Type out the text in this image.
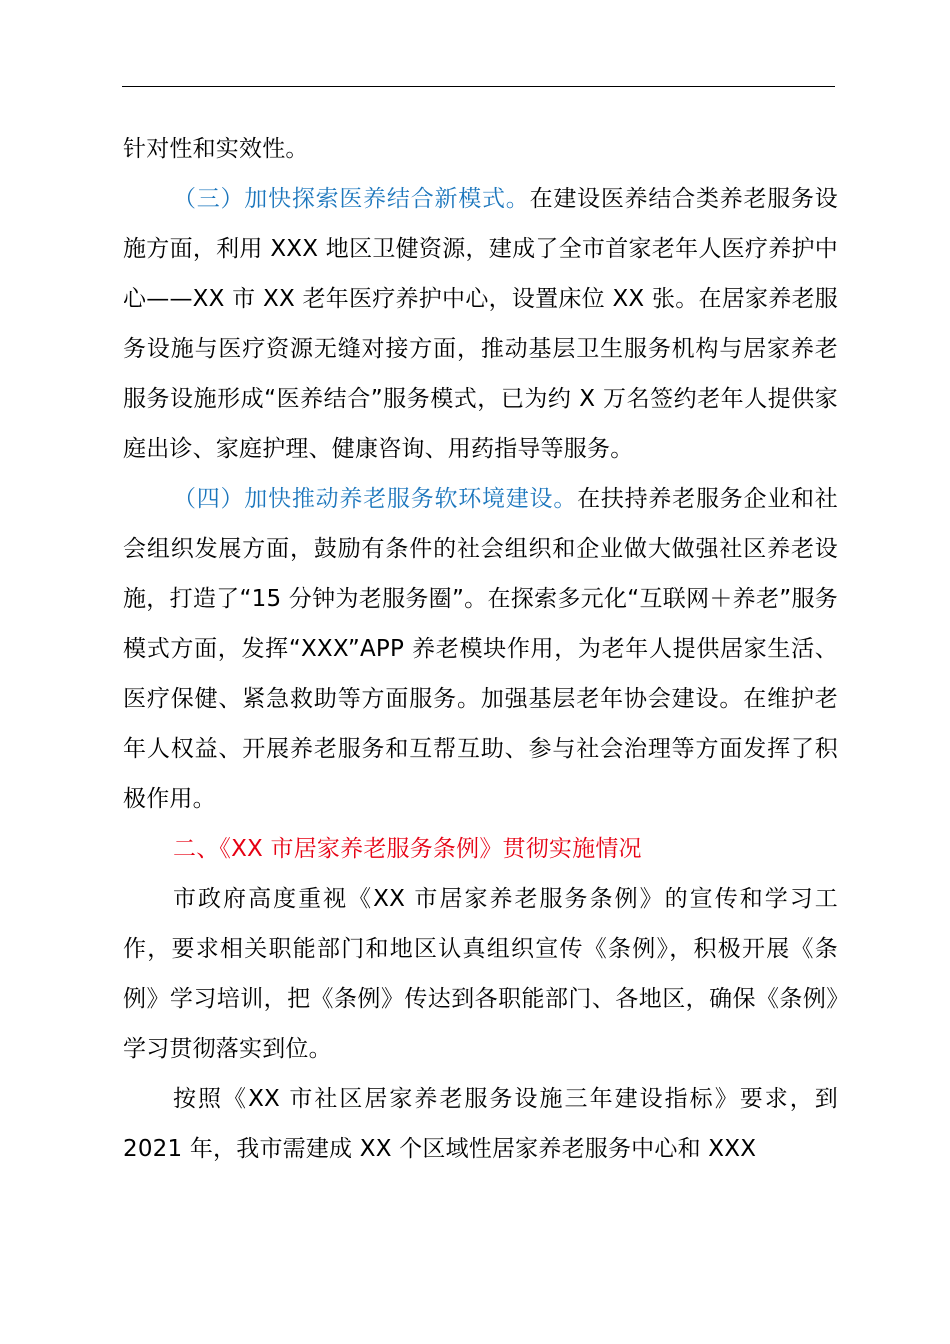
针对性和实效性。

（三）加快探索医养结合新模式。在建设医养结合类养老服务设施方面，利用 XXX 地区卫健资源，建成了全市首家老年人医疗养护中心——XX 市 XX 老年医疗养护中心，设置床位 XX 张。在居家养老服务设施与医疗资源无缝对接方面，推动基层卫生服务机构与居家养老服务设施形成“医养结合”服务模式，已为约 X 万名签约老年人提供家庭出诊、家庭护理、健康咨询、用药指导等服务。

（四）加快推动养老服务软环境建设。在扶持养老服务企业和社会组织发展方面，鼓励有条件的社会组织和企业做大做强社区养老设施，打造了“15 分钟为老服务圈”。在探索多元化“互联网＋养老”服务模式方面，发挥“XXX”APP 养老模块作用，为老年人提供居家生活、医疗保健、紧急救助等方面服务。加强基层老年协会建设。在维护老年人权益、开展养老服务和互帮互助、参与社会治理等方面发挥了积极作用。

二、《XX 市居家养老服务条例》贯彻实施情况

市政府高度重视《XX 市居家养老服务条例》的宣传和学习工作，要求相关职能部门和地区认真组织宣传《条例》，积极开展《条例》学习培训，把《条例》传达到各职能部门、各地区，确保《条例》学习贯彻落实到位。

按照《XX 市社区居家养老服务设施三年建设指标》要求，到 2021 年，我市需建成 XX 个区域性居家养老服务中心和 XXX
